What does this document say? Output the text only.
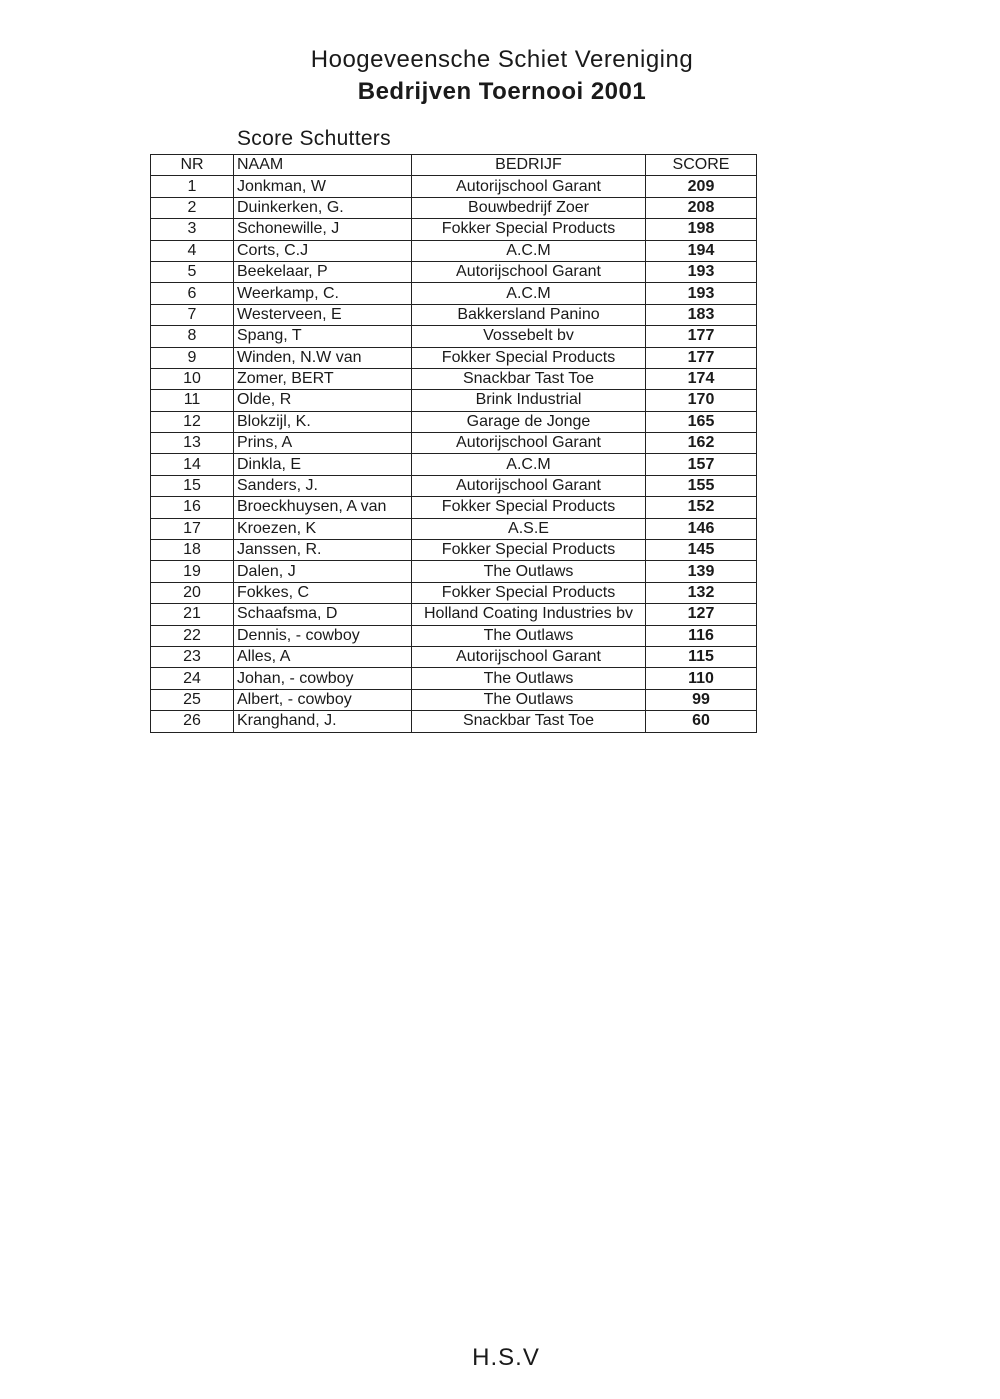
Hoogeveensche Schiet Vereniging
Bedrijven Toernooi 2001
Score Schutters
NR	NAAM	BEDRIJF	SCORE
1	Jonkman, W	Autorijschool Garant	209
2	Duinkerken, G.	Bouwbedrijf Zoer	208
3	Schonewille, J	Fokker Special Products	198
4	Corts, C.J	A.C.M	194
5	Beekelaar, P	Autorijschool Garant	193
6	Weerkamp, C.	A.C.M	193
7	Westerveen, E	Bakkersland Panino	183
8	Spang, T	Vossebelt bv	177
9	Winden, N.W van	Fokker Special Products	177
10	Zomer, BERT	Snackbar Tast Toe	174
11	Olde, R	Brink Industrial	170
12	Blokzijl, K.	Garage de Jonge	165
13	Prins, A	Autorijschool Garant	162
14	Dinkla, E	A.C.M	157
15	Sanders, J.	Autorijschool Garant	155
16	Broeckhuysen, A van	Fokker Special Products	152
17	Kroezen, K	A.S.E	146
18	Janssen, R.	Fokker Special Products	145
19	Dalen, J	The Outlaws	139
20	Fokkes, C	Fokker Special Products	132
21	Schaafsma, D	Holland Coating Industries bv	127
22	Dennis, - cowboy	The Outlaws	116
23	Alles, A	Autorijschool Garant	115
24	Johan, - cowboy	The Outlaws	110
25	Albert, - cowboy	The Outlaws	99
26	Kranghand, J.	Snackbar Tast Toe	60
H.S.V
